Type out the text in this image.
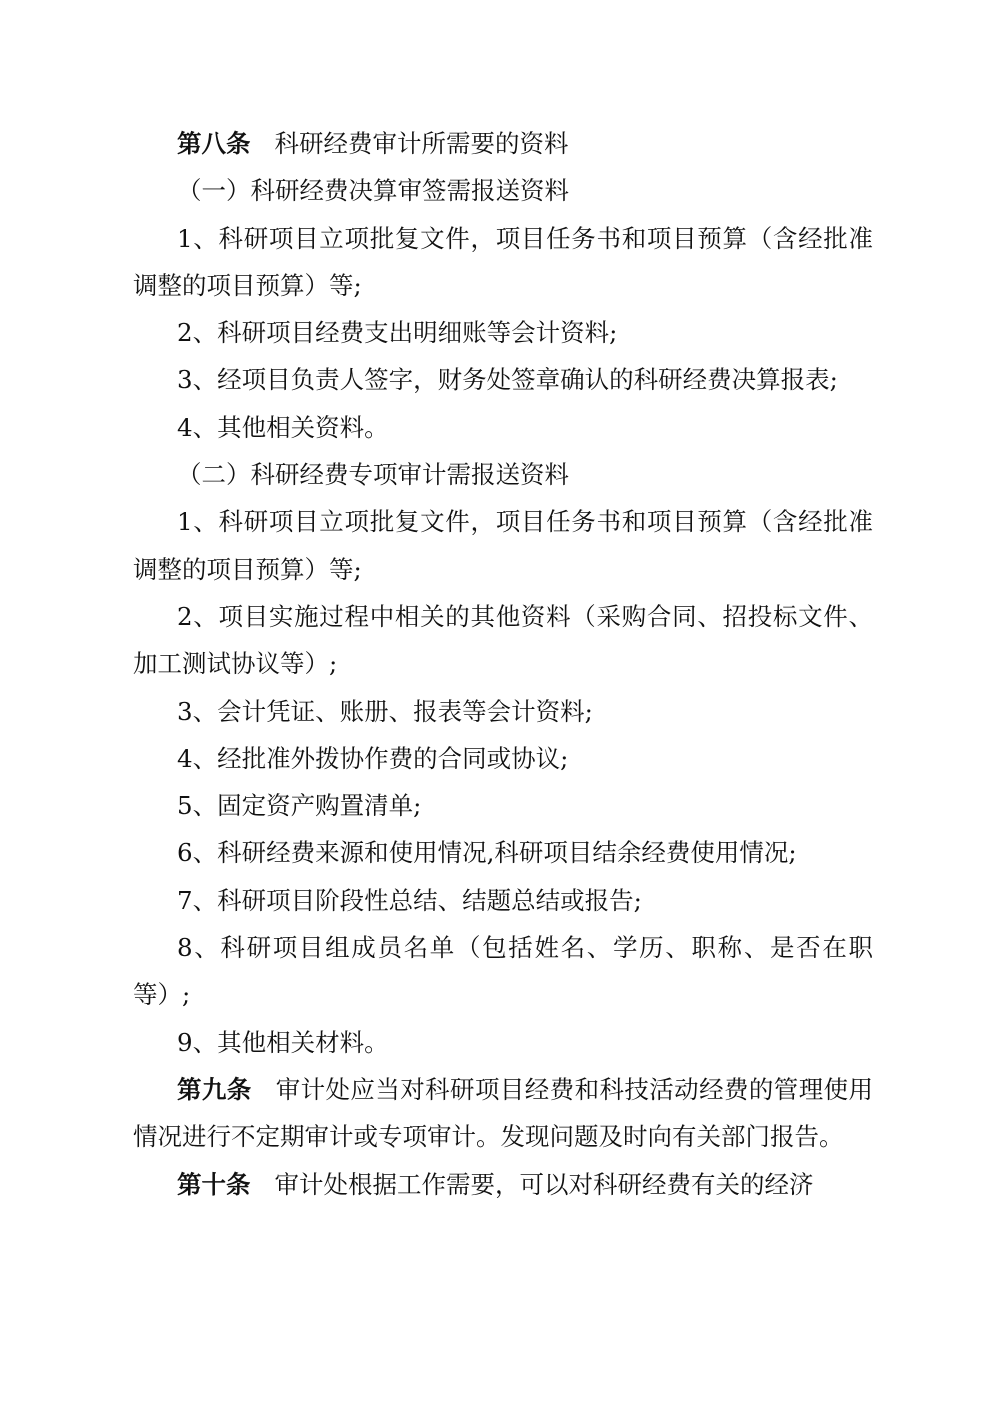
第八条 科研经费审计所需要的资料

（一）科研经费决算审签需报送资料

1、科研项目立项批复文件，项目任务书和项目预算（含经批准调整的项目预算）等;

2、科研项目经费支出明细账等会计资料;

3、经项目负责人签字，财务处签章确认的科研经费决算报表;

4、其他相关资料。

（二）科研经费专项审计需报送资料

1、科研项目立项批复文件，项目任务书和项目预算（含经批准调整的项目预算）等;

2、项目实施过程中相关的其他资料（采购合同、招投标文件、加工测试协议等）;

3、会计凭证、账册、报表等会计资料;

4、经批准外拨协作费的合同或协议;

5、固定资产购置清单;

6、科研经费来源和使用情况,科研项目结余经费使用情况;

7、科研项目阶段性总结、结题总结或报告;

8、科研项目组成员名单（包括姓名、学历、职称、是否在职等）;

9、其他相关材料。

第九条 审计处应当对科研项目经费和科技活动经费的管理使用情况进行不定期审计或专项审计。发现问题及时向有关部门报告。

第十条 审计处根据工作需要，可以对科研经费有关的经济
